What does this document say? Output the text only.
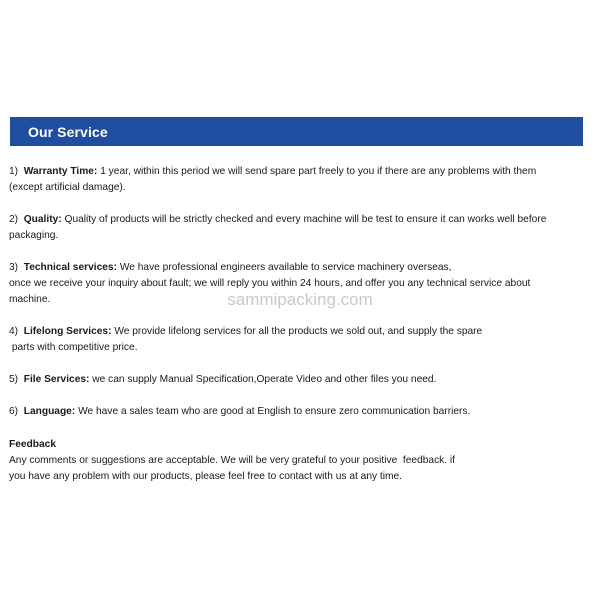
Our Service
1) Warranty Time: 1 year, within this period we will send spare part freely to you if there are any problems with them
(except artificial damage).
2) Quality: Quality of products will be strictly checked and every machine will be test to ensure it can works well before
packaging.
3) Technical services: We have professional engineers available to service machinery overseas,
once we receive your inquiry about fault; we will reply you within 24 hours, and offer you any technical service about
machine.	sammipacking.com
4) Lifelong Services: We provide lifelong services for all the products we sold out, and supply the spare
parts with competitive price.
5) File Services: we can supply Manual Specification,Operate Video and other files you need.
6) Language: We have a sales team who are good at English to ensure zero communication barriers.
Feedback
Any comments or suggestions are acceptable. We will be very grateful to your positive  feedback. if
you have any problem with our products, please feel free to contact with us at any time.
